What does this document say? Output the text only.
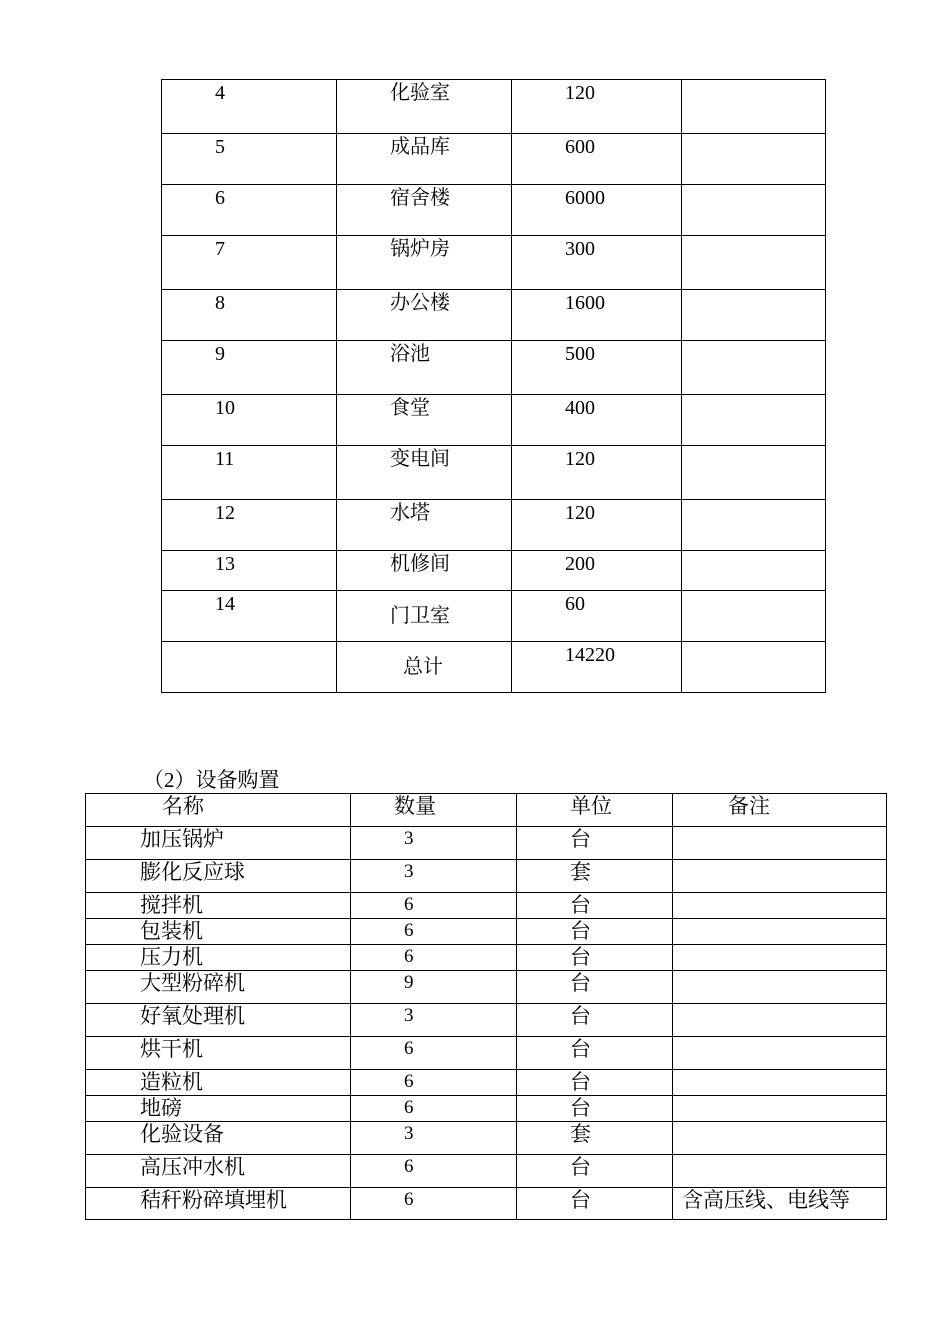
4	化验室	120	
5	成品库	600	
6	宿舍楼	6000	
7	锅炉房	300	
8	办公楼	1600	
9	浴池	500	
10	食堂	400	
11	变电间	120	
12	水塔	120	
13	机修间	200	
14	门卫室	60	
	总计	14220	
（2）设备购置
名称	数量	单位	备注
加压锅炉	3	台	
膨化反应球	3	套	
搅拌机	6	台	
包装机	6	台	
压力机	6	台	
大型粉碎机	9	台	
好氧处理机	3	台	
烘干机	6	台	
造粒机	6	台	
地磅	6	台	
化验设备	3	套	
高压冲水机	6	台	
秸秆粉碎填埋机	6	台	含高压线、电线等
